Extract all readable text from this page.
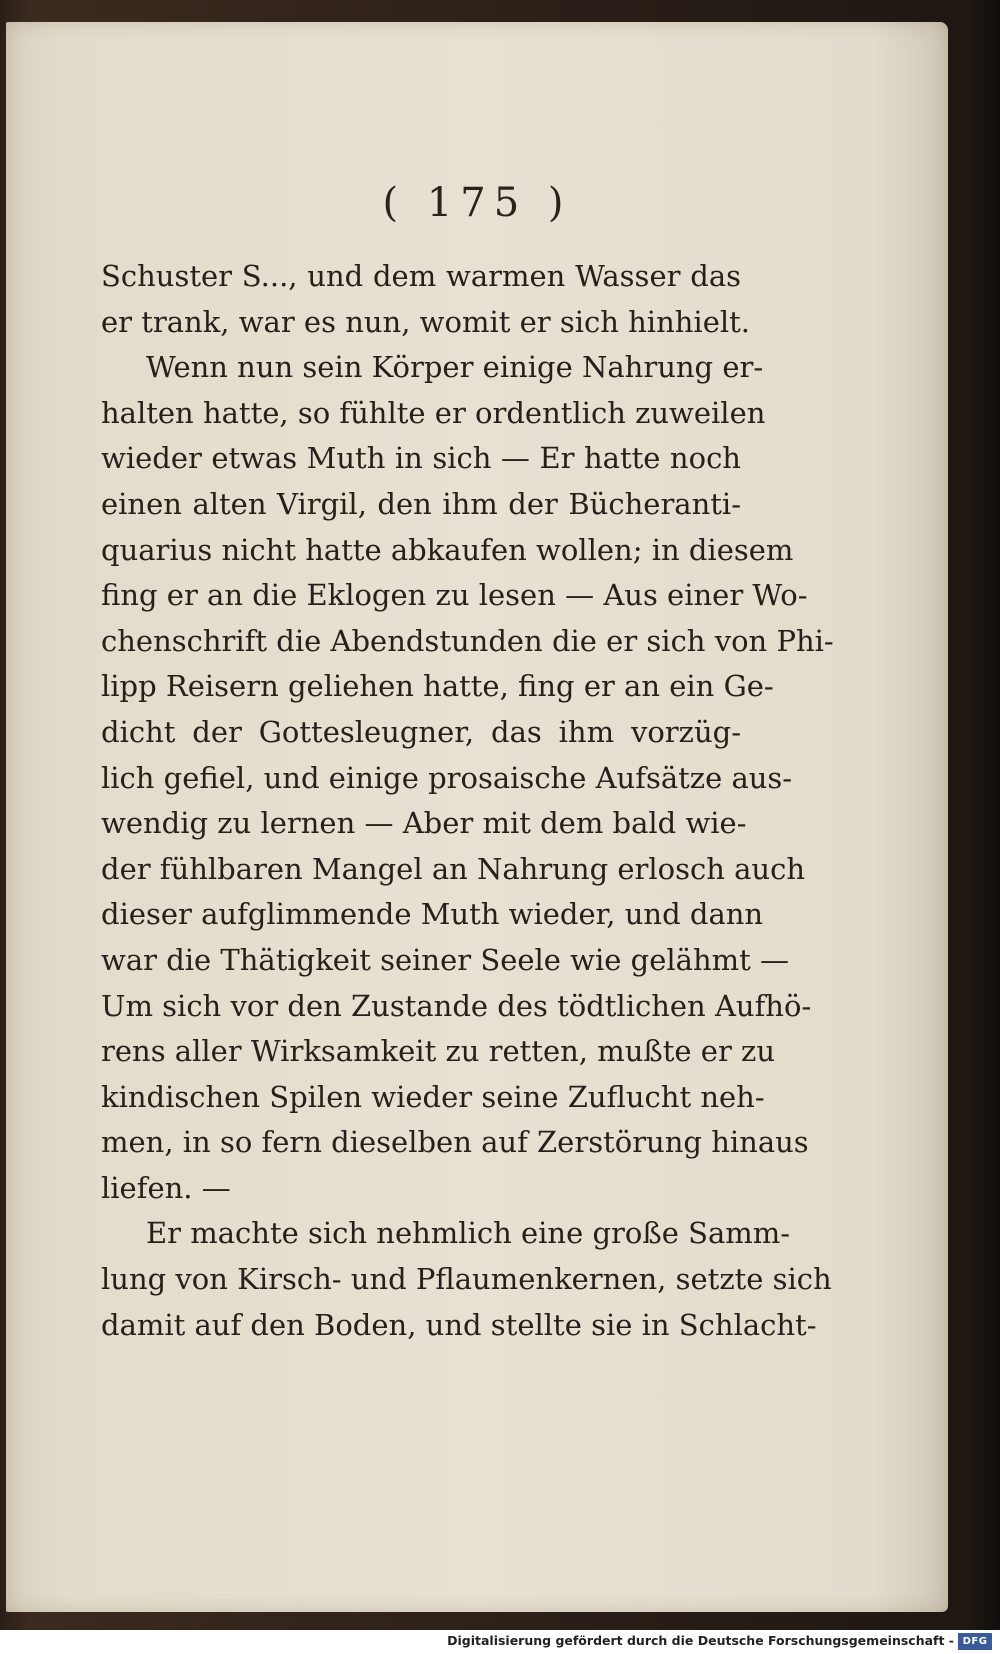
( 175 )
Schuster S..., und dem warmen Wasser das
er trank, war es nun, womit er sich hinhielt.
Wenn nun sein Körper einige Nahrung er-
halten hatte, so fühlte er ordentlich zuweilen
wieder etwas Muth in sich — Er hatte noch
einen alten Virgil, den ihm der Bücheranti-
quarius nicht hatte abkaufen wollen; in diesem
fing er an die Eklogen zu lesen — Aus einer Wo-
chenschrift die Abendstunden die er sich von Phi-
lipp Reisern geliehen hatte, fing er an ein Ge-
dicht der Gottesleugner, das ihm vorzüg-
lich gefiel, und einige prosaische Aufsätze aus-
wendig zu lernen — Aber mit dem bald wie-
der fühlbaren Mangel an Nahrung erlosch auch
dieser aufglimmende Muth wieder, und dann
war die Thätigkeit seiner Seele wie gelähmt —
Um sich vor den Zustande des tödtlichen Aufhö-
rens aller Wirksamkeit zu retten, mußte er zu
kindischen Spilen wieder seine Zuflucht neh-
men, in so fern dieselben auf Zerstörung hinaus
liefen. —
Er machte sich nehmlich eine große Samm-
lung von Kirsch- und Pflaumenkernen, setzte sich
damit auf den Boden, und stellte sie in Schlacht-
Digitalisierung gefördert durch die Deutsche Forschungsgemeinschaft - DFG
